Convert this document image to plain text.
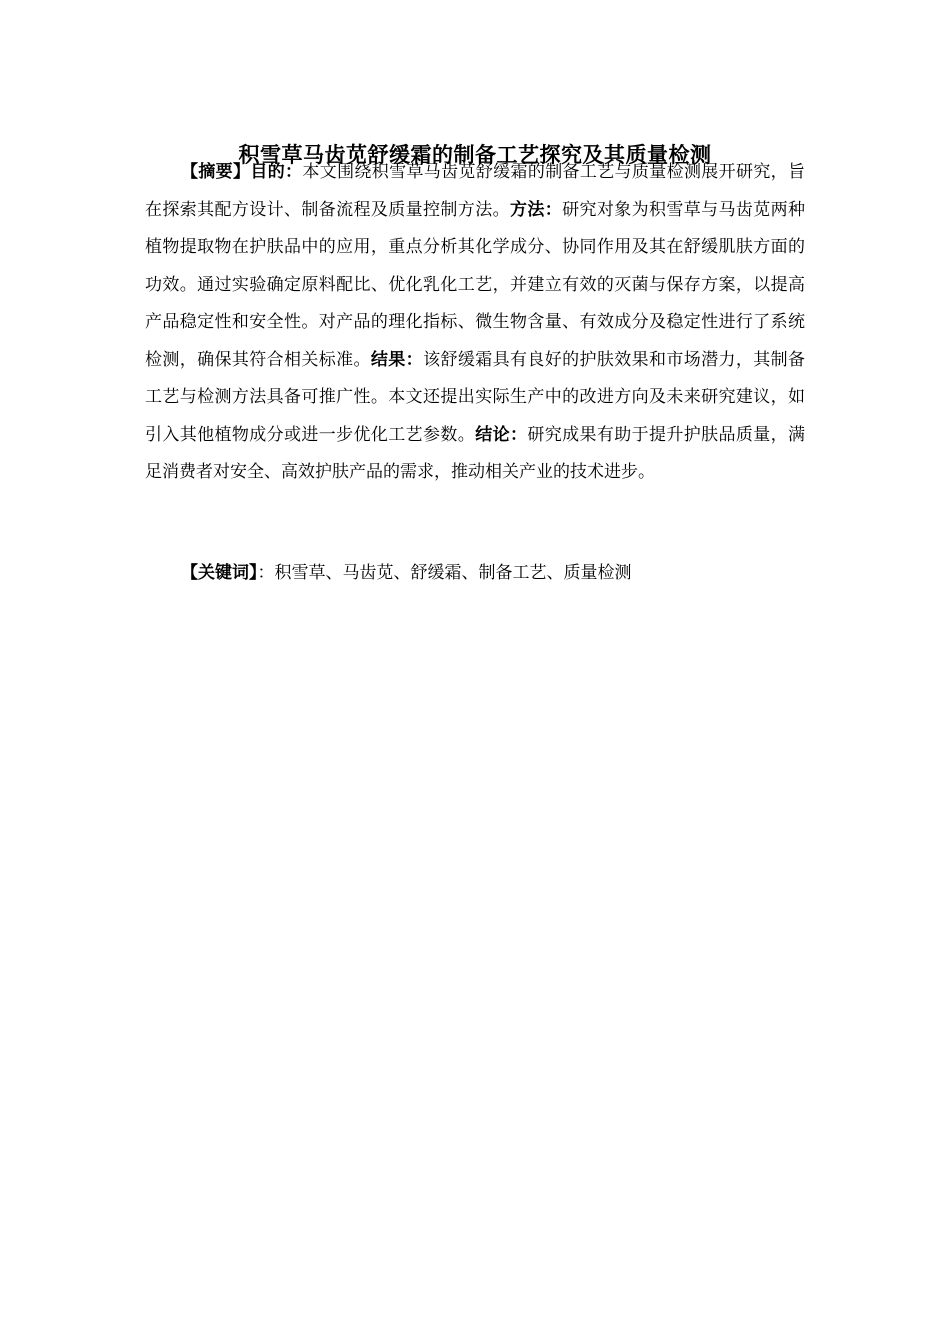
积雪草马齿苋舒缓霜的制备工艺探究及其质量检测

【摘要】目的：本文围绕积雪草马齿苋舒缓霜的制备工艺与质量检测展开研究，旨在探索其配方设计、制备流程及质量控制方法。方法：研究对象为积雪草与马齿苋两种植物提取物在护肤品中的应用，重点分析其化学成分、协同作用及其在舒缓肌肤方面的功效。通过实验确定原料配比、优化乳化工艺，并建立有效的灭菌与保存方案，以提高产品稳定性和安全性。对产品的理化指标、微生物含量、有效成分及稳定性进行了系统检测，确保其符合相关标准。结果：该舒缓霜具有良好的护肤效果和市场潜力，其制备工艺与检测方法具备可推广性。本文还提出实际生产中的改进方向及未来研究建议，如引入其他植物成分或进一步优化工艺参数。结论：研究成果有助于提升护肤品质量，满足消费者对安全、高效护肤产品的需求，推动相关产业的技术进步。

【关键词】：积雪草、马齿苋、舒缓霜、制备工艺、质量检测
